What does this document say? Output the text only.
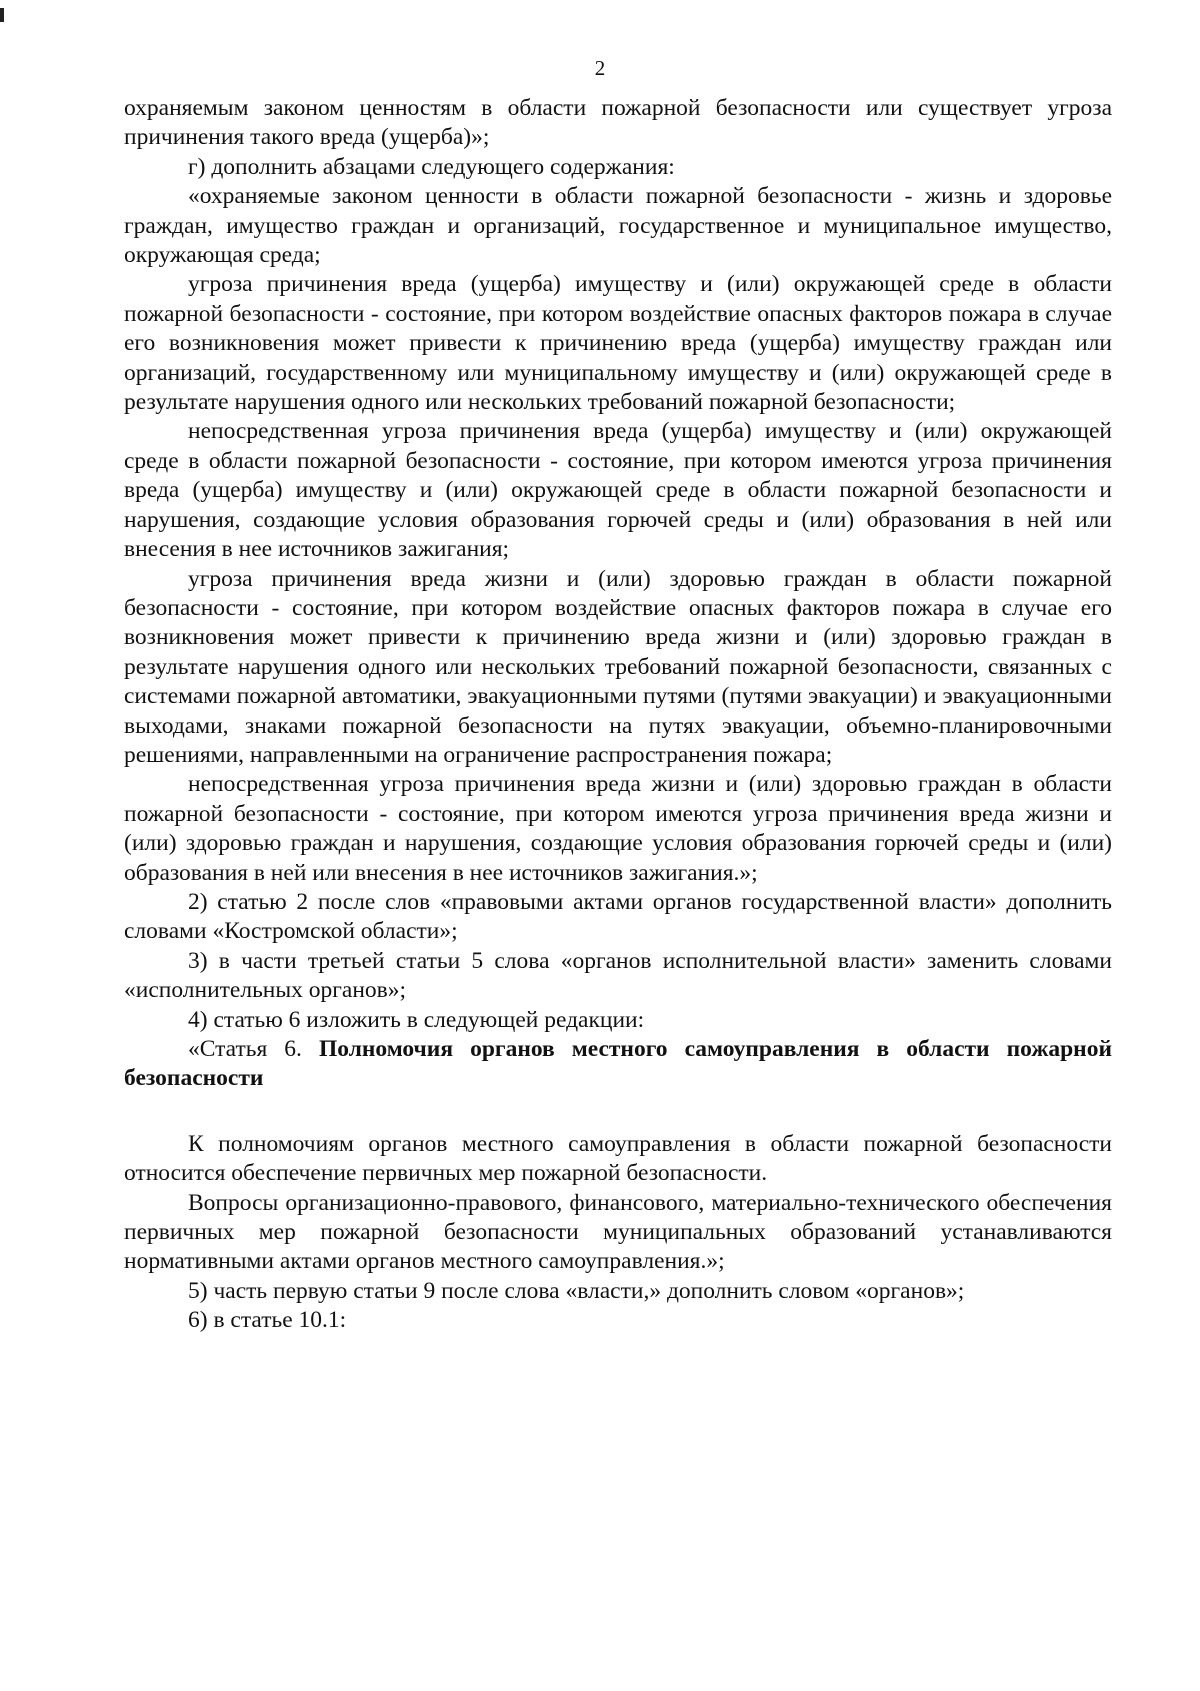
2

охраняемым законом ценностям в области пожарной безопасности или существует угроза причинения такого вреда (ущерба)»;

г) дополнить абзацами следующего содержания:

«охраняемые законом ценности в области пожарной безопасности - жизнь и здоровье граждан, имущество граждан и организаций, государственное и муниципальное имущество, окружающая среда;

угроза причинения вреда (ущерба) имуществу и (или) окружающей среде в области пожарной безопасности - состояние, при котором воздействие опасных факторов пожара в случае его возникновения может привести к причинению вреда (ущерба) имуществу граждан или организаций, государственному или муниципальному имуществу и (или) окружающей среде в результате нарушения одного или нескольких требований пожарной безопасности;

непосредственная угроза причинения вреда (ущерба) имуществу и (или) окружающей среде в области пожарной безопасности - состояние, при котором имеются угроза причинения вреда (ущерба) имуществу и (или) окружающей среде в области пожарной безопасности и нарушения, создающие условия образования горючей среды и (или) образования в ней или внесения в нее источников зажигания;

угроза причинения вреда жизни и (или) здоровью граждан в области пожарной безопасности - состояние, при котором воздействие опасных факторов пожара в случае его возникновения может привести к причинению вреда жизни и (или) здоровью граждан в результате нарушения одного или нескольких требований пожарной безопасности, связанных с системами пожарной автоматики, эвакуационными путями (путями эвакуации) и эвакуационными выходами, знаками пожарной безопасности на путях эвакуации, объемно-планировочными решениями, направленными на ограничение распространения пожара;

непосредственная угроза причинения вреда жизни и (или) здоровью граждан в области пожарной безопасности - состояние, при котором имеются угроза причинения вреда жизни и (или) здоровью граждан и нарушения, создающие условия образования горючей среды и (или) образования в ней или внесения в нее источников зажигания.»;

2) статью 2 после слов «правовыми актами органов государственной власти» дополнить словами «Костромской области»;

3) в части третьей статьи 5 слова «органов исполнительной власти» заменить словами «исполнительных органов»;

4) статью 6 изложить в следующей редакции:

«Статья 6. Полномочия органов местного самоуправления в области пожарной безопасности

К полномочиям органов местного самоуправления в области пожарной безопасности относится обеспечение первичных мер пожарной безопасности.

Вопросы организационно-правового, финансового, материально-технического обеспечения первичных мер пожарной безопасности муниципальных образований устанавливаются нормативными актами органов местного самоуправления.»;

5) часть первую статьи 9 после слова «власти,» дополнить словом «органов»;

6) в статье 10.1:
